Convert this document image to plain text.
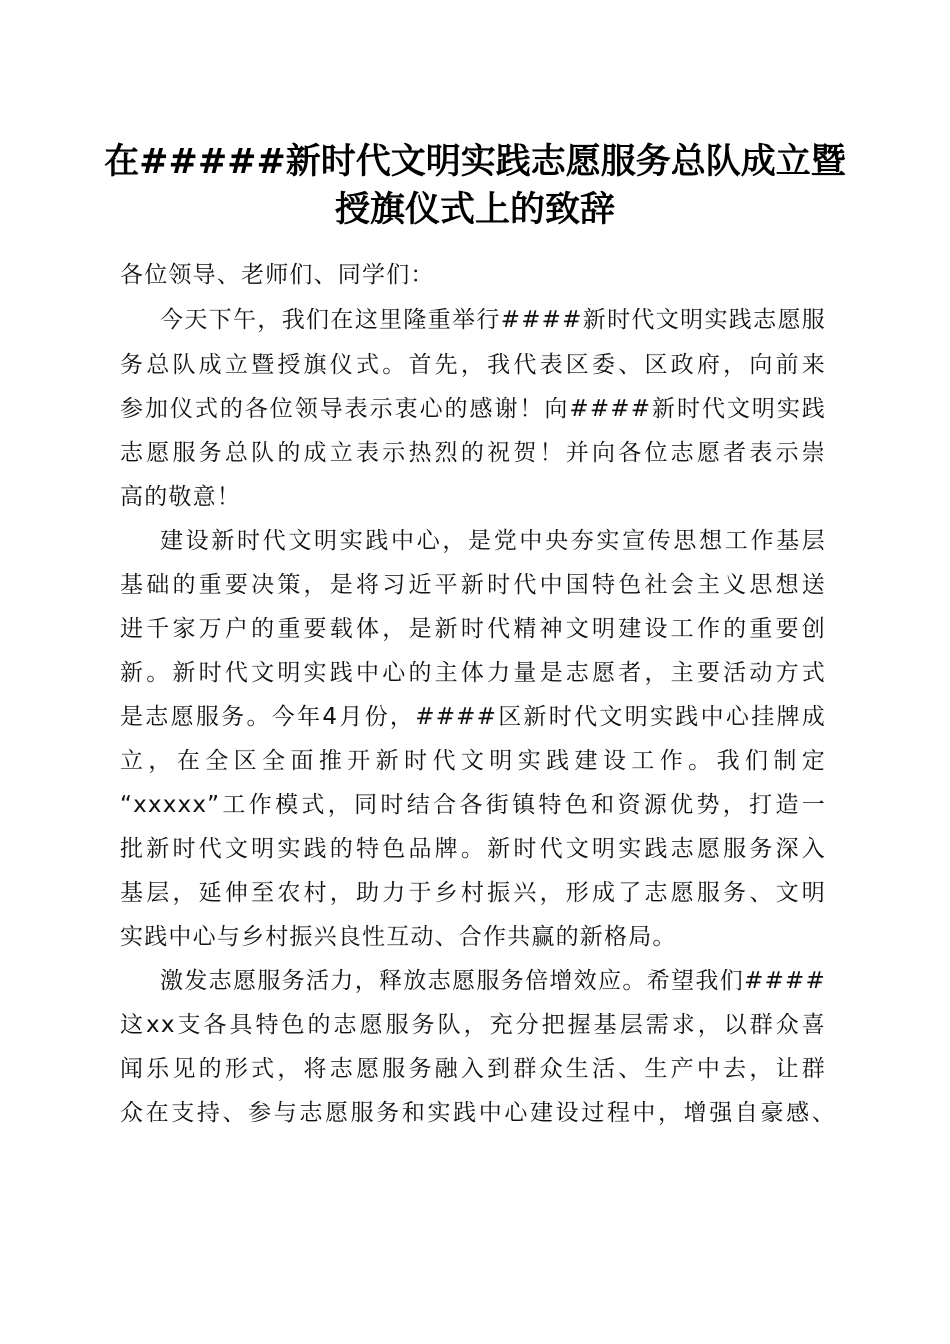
在#####新时代文明实践志愿服务总队成立暨
授旗仪式上的致辞
各位领导、老师们、同学们：
今天下午，我们在这里隆重举行####新时代文明实践志愿服
务总队成立暨授旗仪式。首先，我代表区委、区政府，向前来
参加仪式的各位领导表示衷心的感谢！向####新时代文明实践
志愿服务总队的成立表示热烈的祝贺！并向各位志愿者表示崇
高的敬意！
建设新时代文明实践中心，是党中央夯实宣传思想工作基层
基础的重要决策，是将习近平新时代中国特色社会主义思想送
进千家万户的重要载体，是新时代精神文明建设工作的重要创
新。新时代文明实践中心的主体力量是志愿者，主要活动方式
是志愿服务。今年4月份，####区新时代文明实践中心挂牌成
立，在全区全面推开新时代文明实践建设工作。我们制定
“xxxxx”工作模式，同时结合各街镇特色和资源优势，打造一
批新时代文明实践的特色品牌。新时代文明实践志愿服务深入
基层，延伸至农村，助力于乡村振兴，形成了志愿服务、文明
实践中心与乡村振兴良性互动、合作共赢的新格局。
激发志愿服务活力，释放志愿服务倍增效应。希望我们####
这xx支各具特色的志愿服务队，充分把握基层需求，以群众喜
闻乐见的形式，将志愿服务融入到群众生活、生产中去，让群
众在支持、参与志愿服务和实践中心建设过程中，增强自豪感、
